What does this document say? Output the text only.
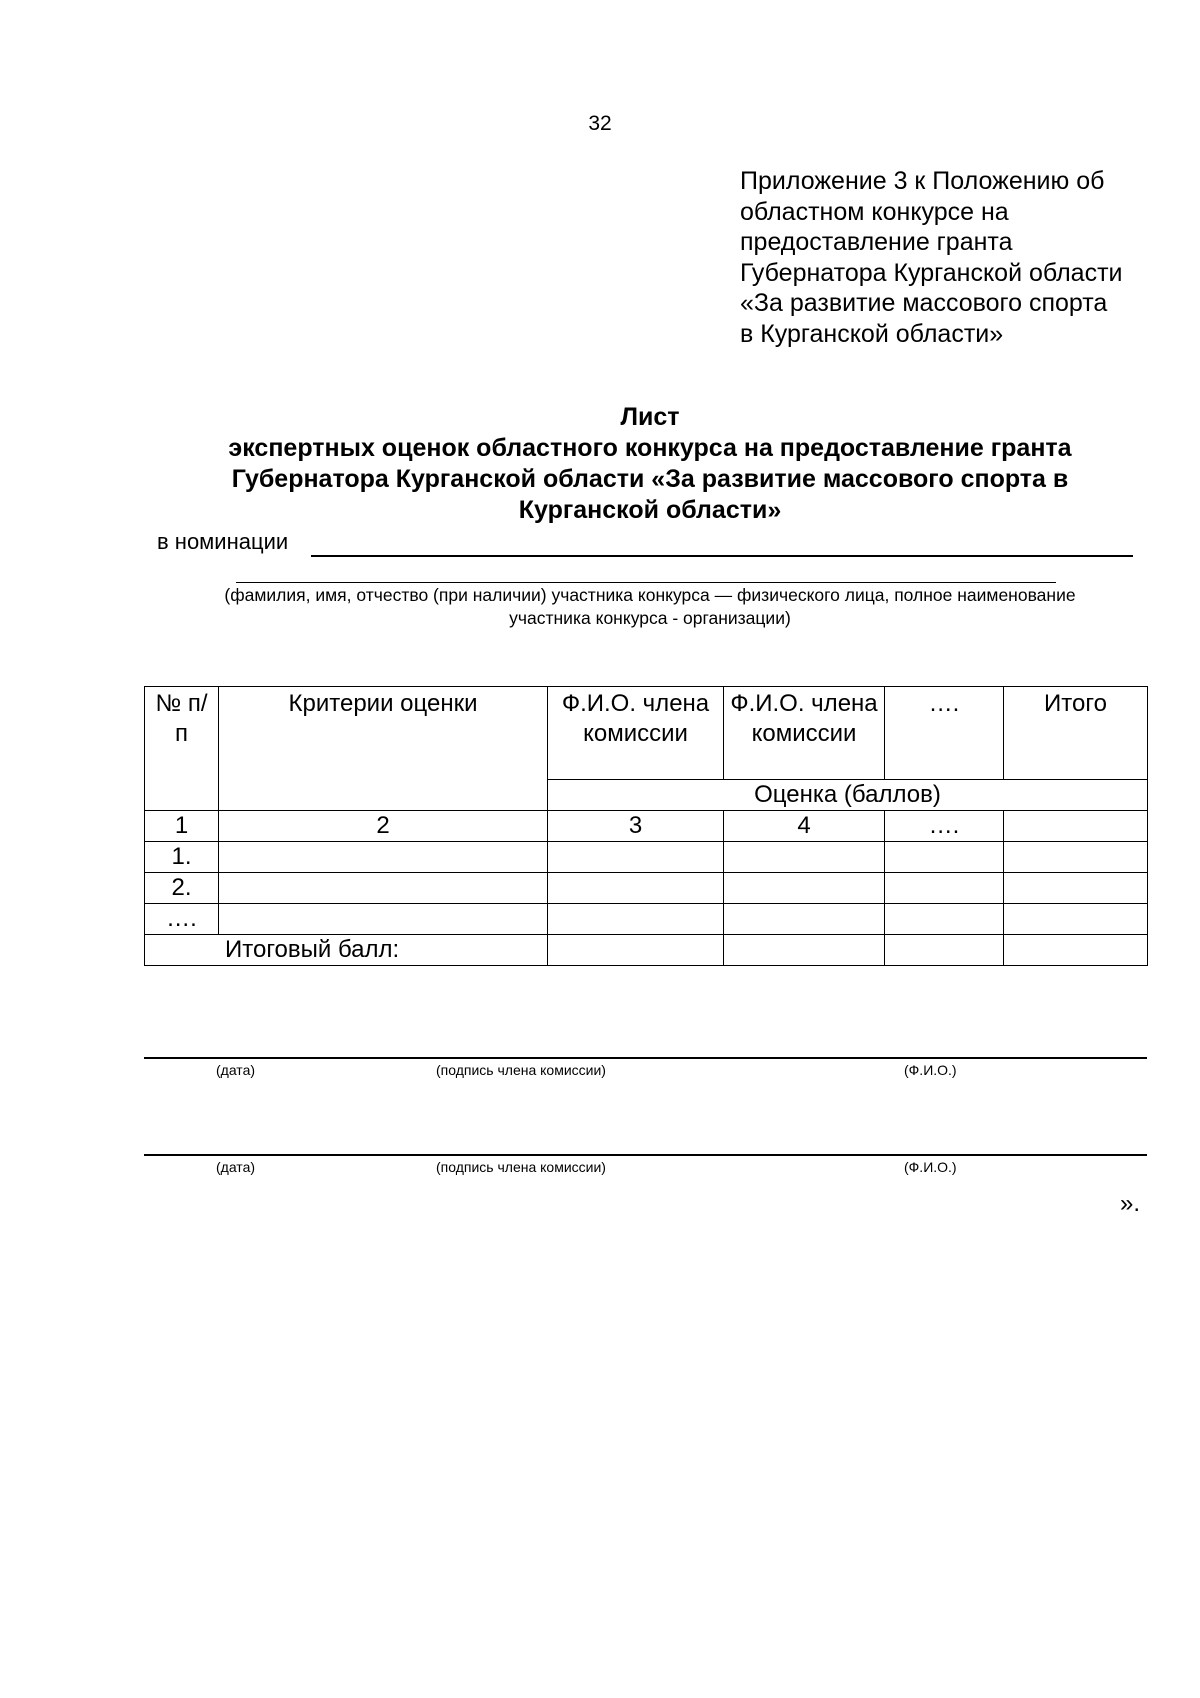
32
Приложение 3 к Положению об
областном конкурсе на
предоставление гранта
Губернатора Курганской области
«За развитие массового спорта
в Курганской области»
Лист
экспертных оценок областного конкурса на предоставление гранта
Губернатора Курганской области «За развитие массового спорта в
Курганской области»
в номинации
(фамилия, имя, отчество (при наличии) участника конкурса — физического лица, полное наименование
участника конкурса - организации)
№ п/п	Критерии оценки	Ф.И.О. члена комиссии	Ф.И.О. члена комиссии	….	Итого
		Оценка (баллов)			
1	2	3	4	….	
1.					
2.					
….					
Итоговый балл:					
(дата)	(подпись члена комиссии)	(Ф.И.О.)
(дата)	(подпись члена комиссии)	(Ф.И.О.)
».
